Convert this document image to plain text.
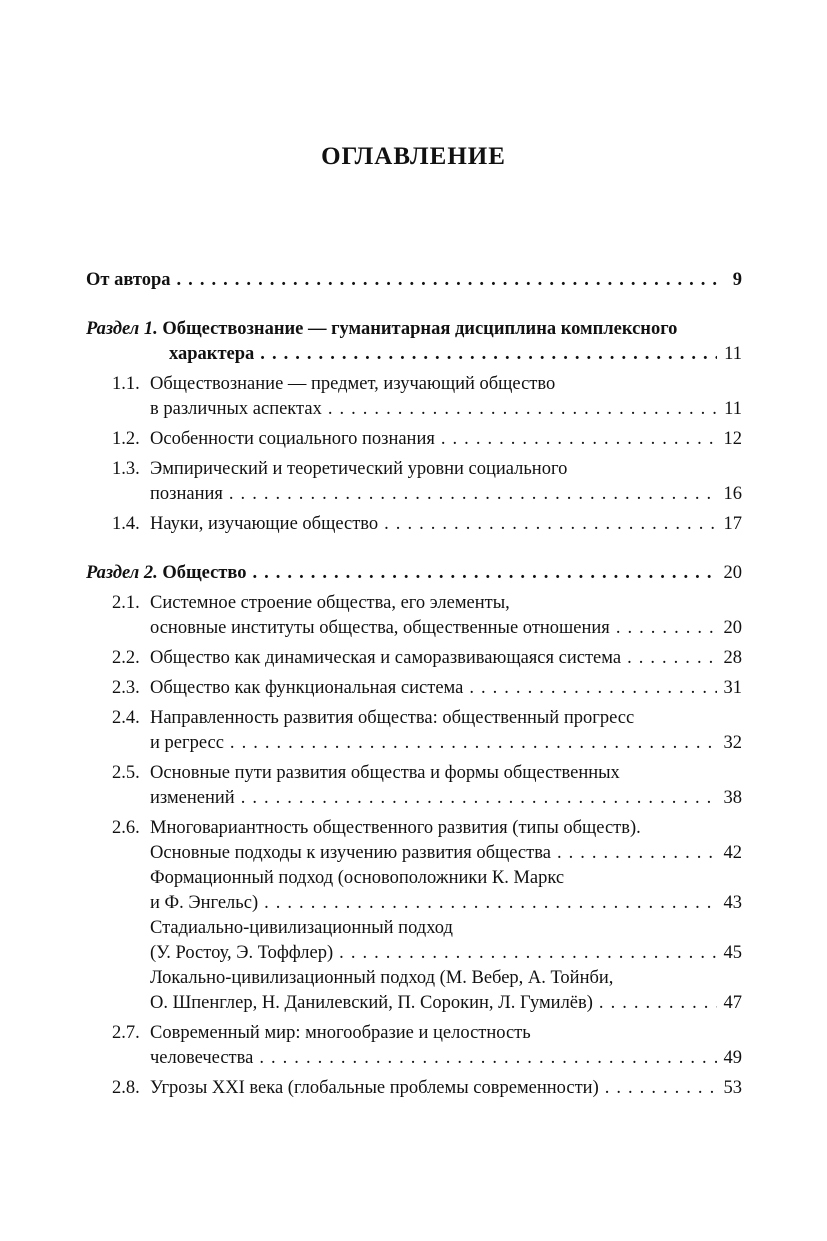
ОГЛАВЛЕНИЕ
От автора . . .	9
Раздел 1. Обществознание — гуманитарная дисциплина комплексного
характера . . .	11
1.1. Обществознание — предмет, изучающий общество
в различных аспектах . . .	11
1.2. Особенности социального познания . . .	12
1.3. Эмпирический и теоретический уровни социального
познания . . .	16
1.4. Науки, изучающие общество . . .	17
Раздел 2. Общество . . .	20
2.1. Системное строение общества, его элементы,
основные институты общества, общественные отношения . . .	20
2.2. Общество как динамическая и саморазвивающаяся система . . .	28
2.3. Общество как функциональная система . . .	31
2.4. Направленность развития общества: общественный прогресс
и регресс . . .	32
2.5. Основные пути развития общества и формы общественных
изменений . . .	38
2.6. Многовариантность общественного развития (типы обществ).
Основные подходы к изучению развития общества . . .	42
Формационный подход (основоположники К. Маркс
и Ф. Энгельс) . . .	43
Стадиально-цивилизационный подход
(У. Ростоу, Э. Тоффлер) . . .	45
Локально-цивилизационный подход (М. Вебер, А. Тойнби,
О. Шпенглер, Н. Данилевский, П. Сорокин, Л. Гумилёв) . . .	47
2.7. Современный мир: многообразие и целостность
человечества . . .	49
2.8. Угрозы XXI века (глобальные проблемы современности) . . .	53
